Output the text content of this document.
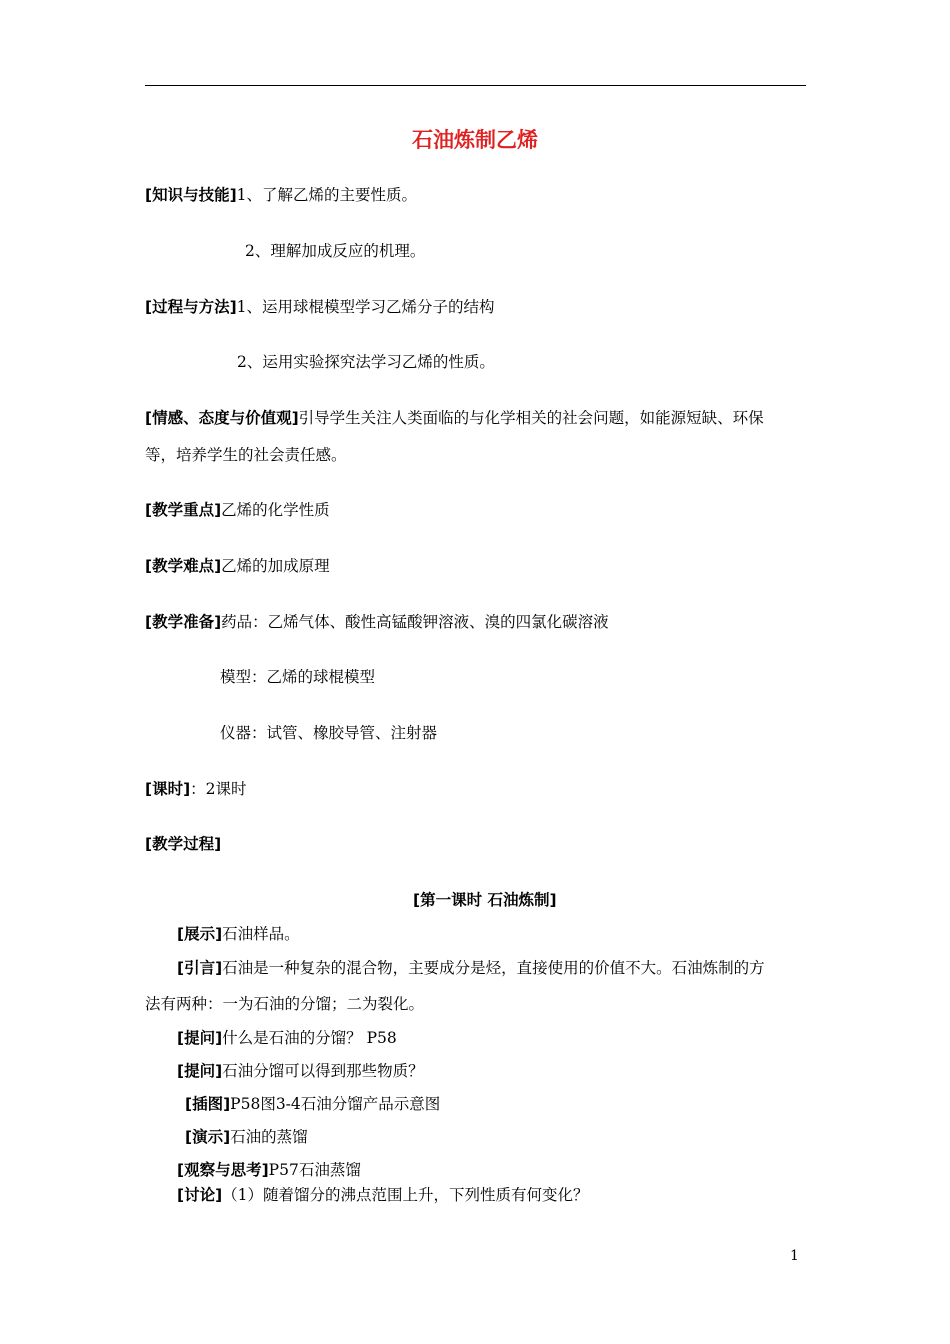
石油炼制乙烯
[知识与技能]1、了解乙烯的主要性质。
2、理解加成反应的机理。
[过程与方法]1、运用球棍模型学习乙烯分子的结构
2、运用实验探究法学习乙烯的性质。
[情感、态度与价值观]引导学生关注人类面临的与化学相关的社会问题，如能源短缺、环保
等，培养学生的社会责任感。
[教学重点]乙烯的化学性质
[教学难点]乙烯的加成原理
[教学准备]药品：乙烯气体、酸性高锰酸钾溶液、溴的四氯化碳溶液
模型：乙烯的球棍模型
仪器：试管、橡胶导管、注射器
[课时]：2课时
[教学过程]
[第一课时 石油炼制]
[展示]石油样品。
[引言]石油是一种复杂的混合物，主要成分是烃，直接使用的价值不大。石油炼制的方
法有两种：一为石油的分馏；二为裂化。
[提问]什么是石油的分馏？ P58
[提问]石油分馏可以得到那些物质？
[插图]P58图3-4石油分馏产品示意图
[演示]石油的蒸馏
[观察与思考]P57石油蒸馏
[讨论]（1）随着馏分的沸点范围上升，下列性质有何变化？
1
